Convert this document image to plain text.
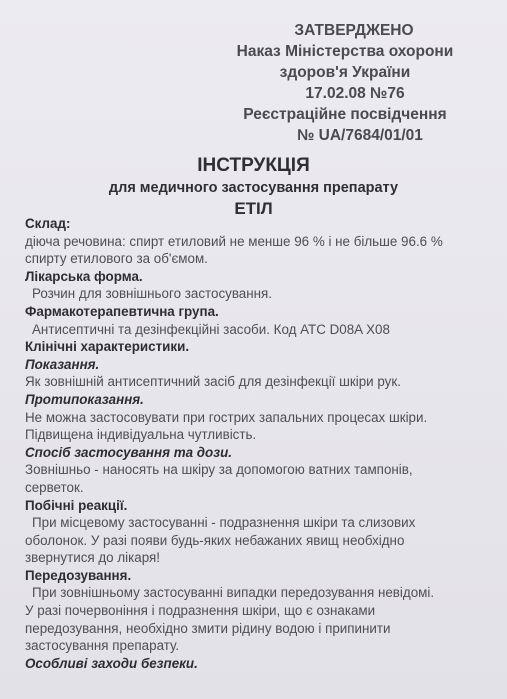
ЗАТВЕРДЖЕНО
Наказ Міністерства охорони
здоров'я України
17.02.08 №76
Реєстраційне посвідчення
№ UA/7684/01/01
ІНСТРУКЦІЯ
для медичного застосування препарату
ЕТІЛ
Склад:
діюча речовина: спирт етиловий не менше 96 % і не більше 96.6 %
спирту етилового за об'ємом.
Лікарська форма.
Розчин для зовнішнього застосування.
Фармакотерапевтична група.
Антисептичні та дезінфекційні засоби. Код АТС D08A X08
Клінічні характеристики.
Показання.
Як зовнішній антисептичний засіб для дезінфекції шкіри рук.
Протипоказання.
Не можна застосовувати при гострих запальних процесах шкіри.
Підвищена індивідуальна чутливість.
Спосіб застосування та дози.
Зовнішньо - наносять на шкіру за допомогою ватних тампонів,
серветок.
Побічні реакції.
При місцевому застосуванні - подразнення шкіри та слизових
оболонок. У разі появи будь-яких небажаних явищ необхідно
звернутися до лікаря!
Передозування.
При зовнішньому застосуванні випадки передозування невідомі.
У разі почервоніння і подразнення шкіри, що є ознаками
передозування, необхідно змити рідину водою і припинити
застосування препарату.
Особливі заходи безпеки.
